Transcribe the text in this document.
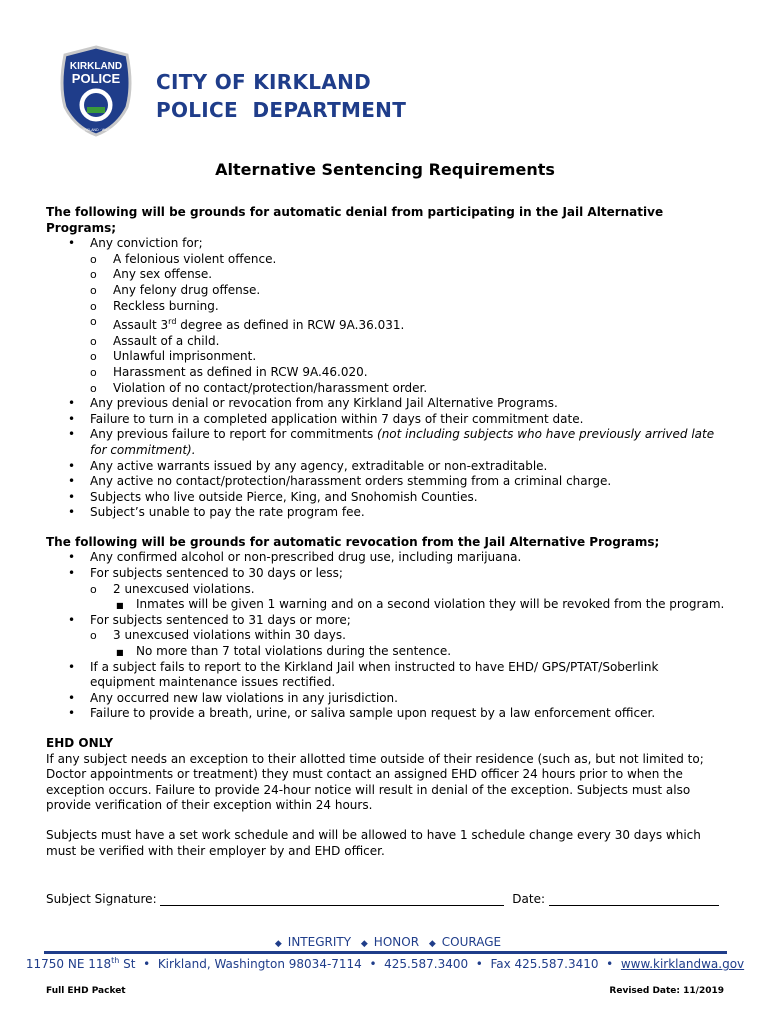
KIRKLAND
POLICE
CITY OF KIRKLAND · WASHINGTON
CITY OF KIRKLAND
POLICE  DEPARTMENT
Alternative Sentencing Requirements
The following will be grounds for automatic denial from participating in the Jail Alternative Programs;
• Any conviction for;
o A felonious violent offence.
o Any sex offense.
o Any felony drug offense.
o Reckless burning.
o Assault 3rd degree as defined in RCW 9A.36.031.
o Assault of a child.
o Unlawful imprisonment.
o Harassment as defined in RCW 9A.46.020.
o Violation of no contact/protection/harassment order.
• Any previous denial or revocation from any Kirkland Jail Alternative Programs.
• Failure to turn in a completed application within 7 days of their commitment date.
• Any previous failure to report for commitments (not including subjects who have previously arrived late for commitment).
• Any active warrants issued by any agency, extraditable or non-extraditable.
• Any active no contact/protection/harassment orders stemming from a criminal charge.
• Subjects who live outside Pierce, King, and Snohomish Counties.
• Subject’s unable to pay the rate program fee.
The following will be grounds for automatic revocation from the Jail Alternative Programs;
• Any confirmed alcohol or non-prescribed drug use, including marijuana.
• For subjects sentenced to 30 days or less;
o 2 unexcused violations.
■ Inmates will be given 1 warning and on a second violation they will be revoked from the program.
• For subjects sentenced to 31 days or more;
o 3 unexcused violations within 30 days.
■ No more than 7 total violations during the sentence.
• If a subject fails to report to the Kirkland Jail when instructed to have EHD/ GPS/PTAT/Soberlink equipment maintenance issues rectified.
• Any occurred new law violations in any jurisdiction.
• Failure to provide a breath, urine, or saliva sample upon request by a law enforcement officer.
EHD ONLY
If any subject needs an exception to their allotted time outside of their residence (such as, but not limited to; Doctor appointments or treatment) they must contact an assigned EHD officer 24 hours prior to when the exception occurs. Failure to provide 24-hour notice will result in denial of the exception. Subjects must also provide verification of their exception within 24 hours.
Subjects must have a set work schedule and will be allowed to have 1 schedule change every 30 days which must be verified with their employer by and EHD officer.
Subject Signature:	Date:
◆ INTEGRITY ◆ HONOR ◆ COURAGE
11750 NE 118th St  •  Kirkland, Washington 98034-7114  •  425.587.3400  •  Fax 425.587.3410  •  www.kirklandwa.gov
Full EHD Packet	Revised Date: 11/2019
